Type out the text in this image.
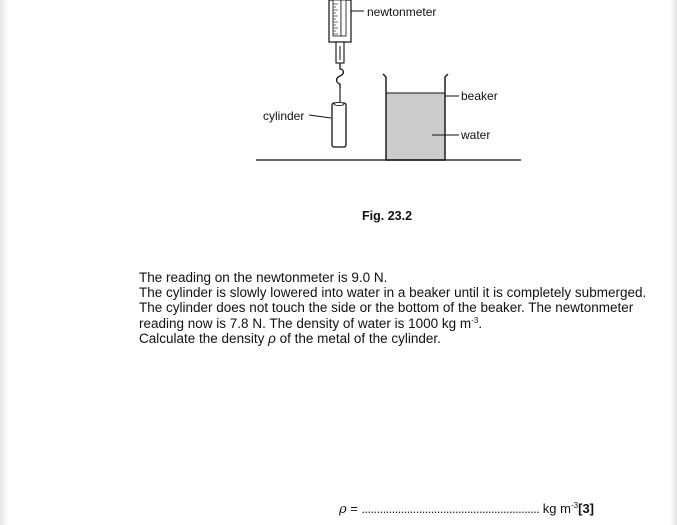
newtonmeter
cylinder
beaker
water
Fig. 23.2

The reading on the newtonmeter is 9.0 N.

The cylinder is slowly lowered into water in a beaker until it is completely submerged.

The cylinder does not touch the side or the bottom of the beaker. The newtonmeter reading now is 7.8 N. The density of water is 1000 kg $m^{-3}$.

Calculate the density ρ of the metal of the cylinder.

ρ = ........................................................... kg $m^{-3}[3]$
